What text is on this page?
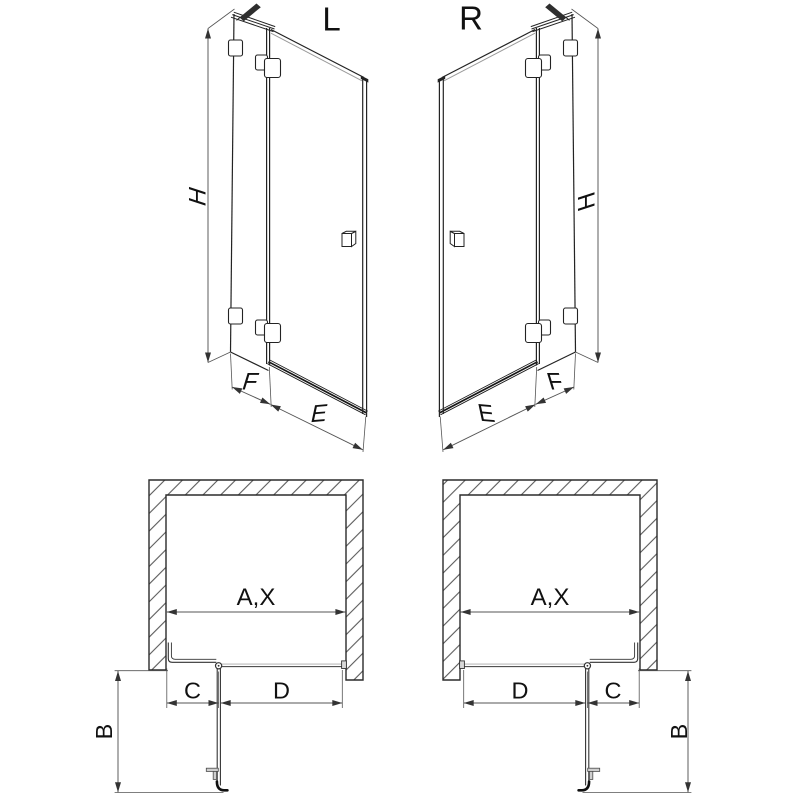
L
H
F
E
R
H
F
E
A,X
C	D
B
A,X
D	C
B
